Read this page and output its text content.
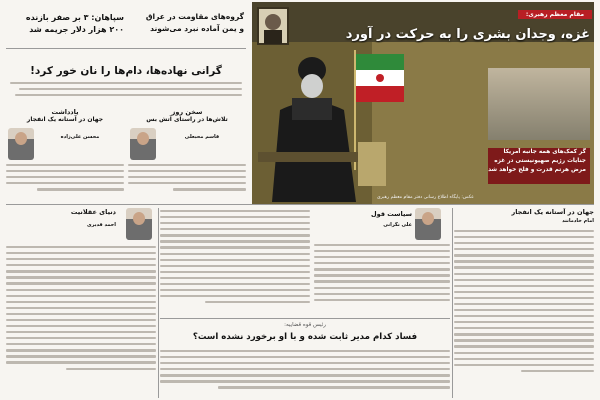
سپاهان: ۳ بر صفر بازنده
۲۰۰ هزار دلار جریمه شد
گروه‌های مقاومت در عراق
و یمن آماده نبرد می‌شوند
گرانی نهاده‌ها، دام‌ها را نان خور کرد!
مقام معظم رهبری:
غزه، وجدان بشری را به حرکت در آورد
گر کمک‌های همه جانبه آمریکا
جنایات رژیم صهیونیستی در غزه
مرض هرتم قدرت و فلج خواهد شد
عکس: پایگاه اطلاع رسانی دفتر مقام معظم رهبری
یادداشت
جهان در آستانه یک انفجار
محسن علی‌زاده
سخن روز
تلاش‌ها در راستای آتش بس
قاسم محبعلی
دنیای عقلانیت
احمد قدیری
سیاست قول
علی نگرانی
رئیس قوه قضاییه:
فساد کدام مدیر ثابت شده و با او برخورد نشده است؟
جهان در آستانه یک انفجار
امام خادمانند
